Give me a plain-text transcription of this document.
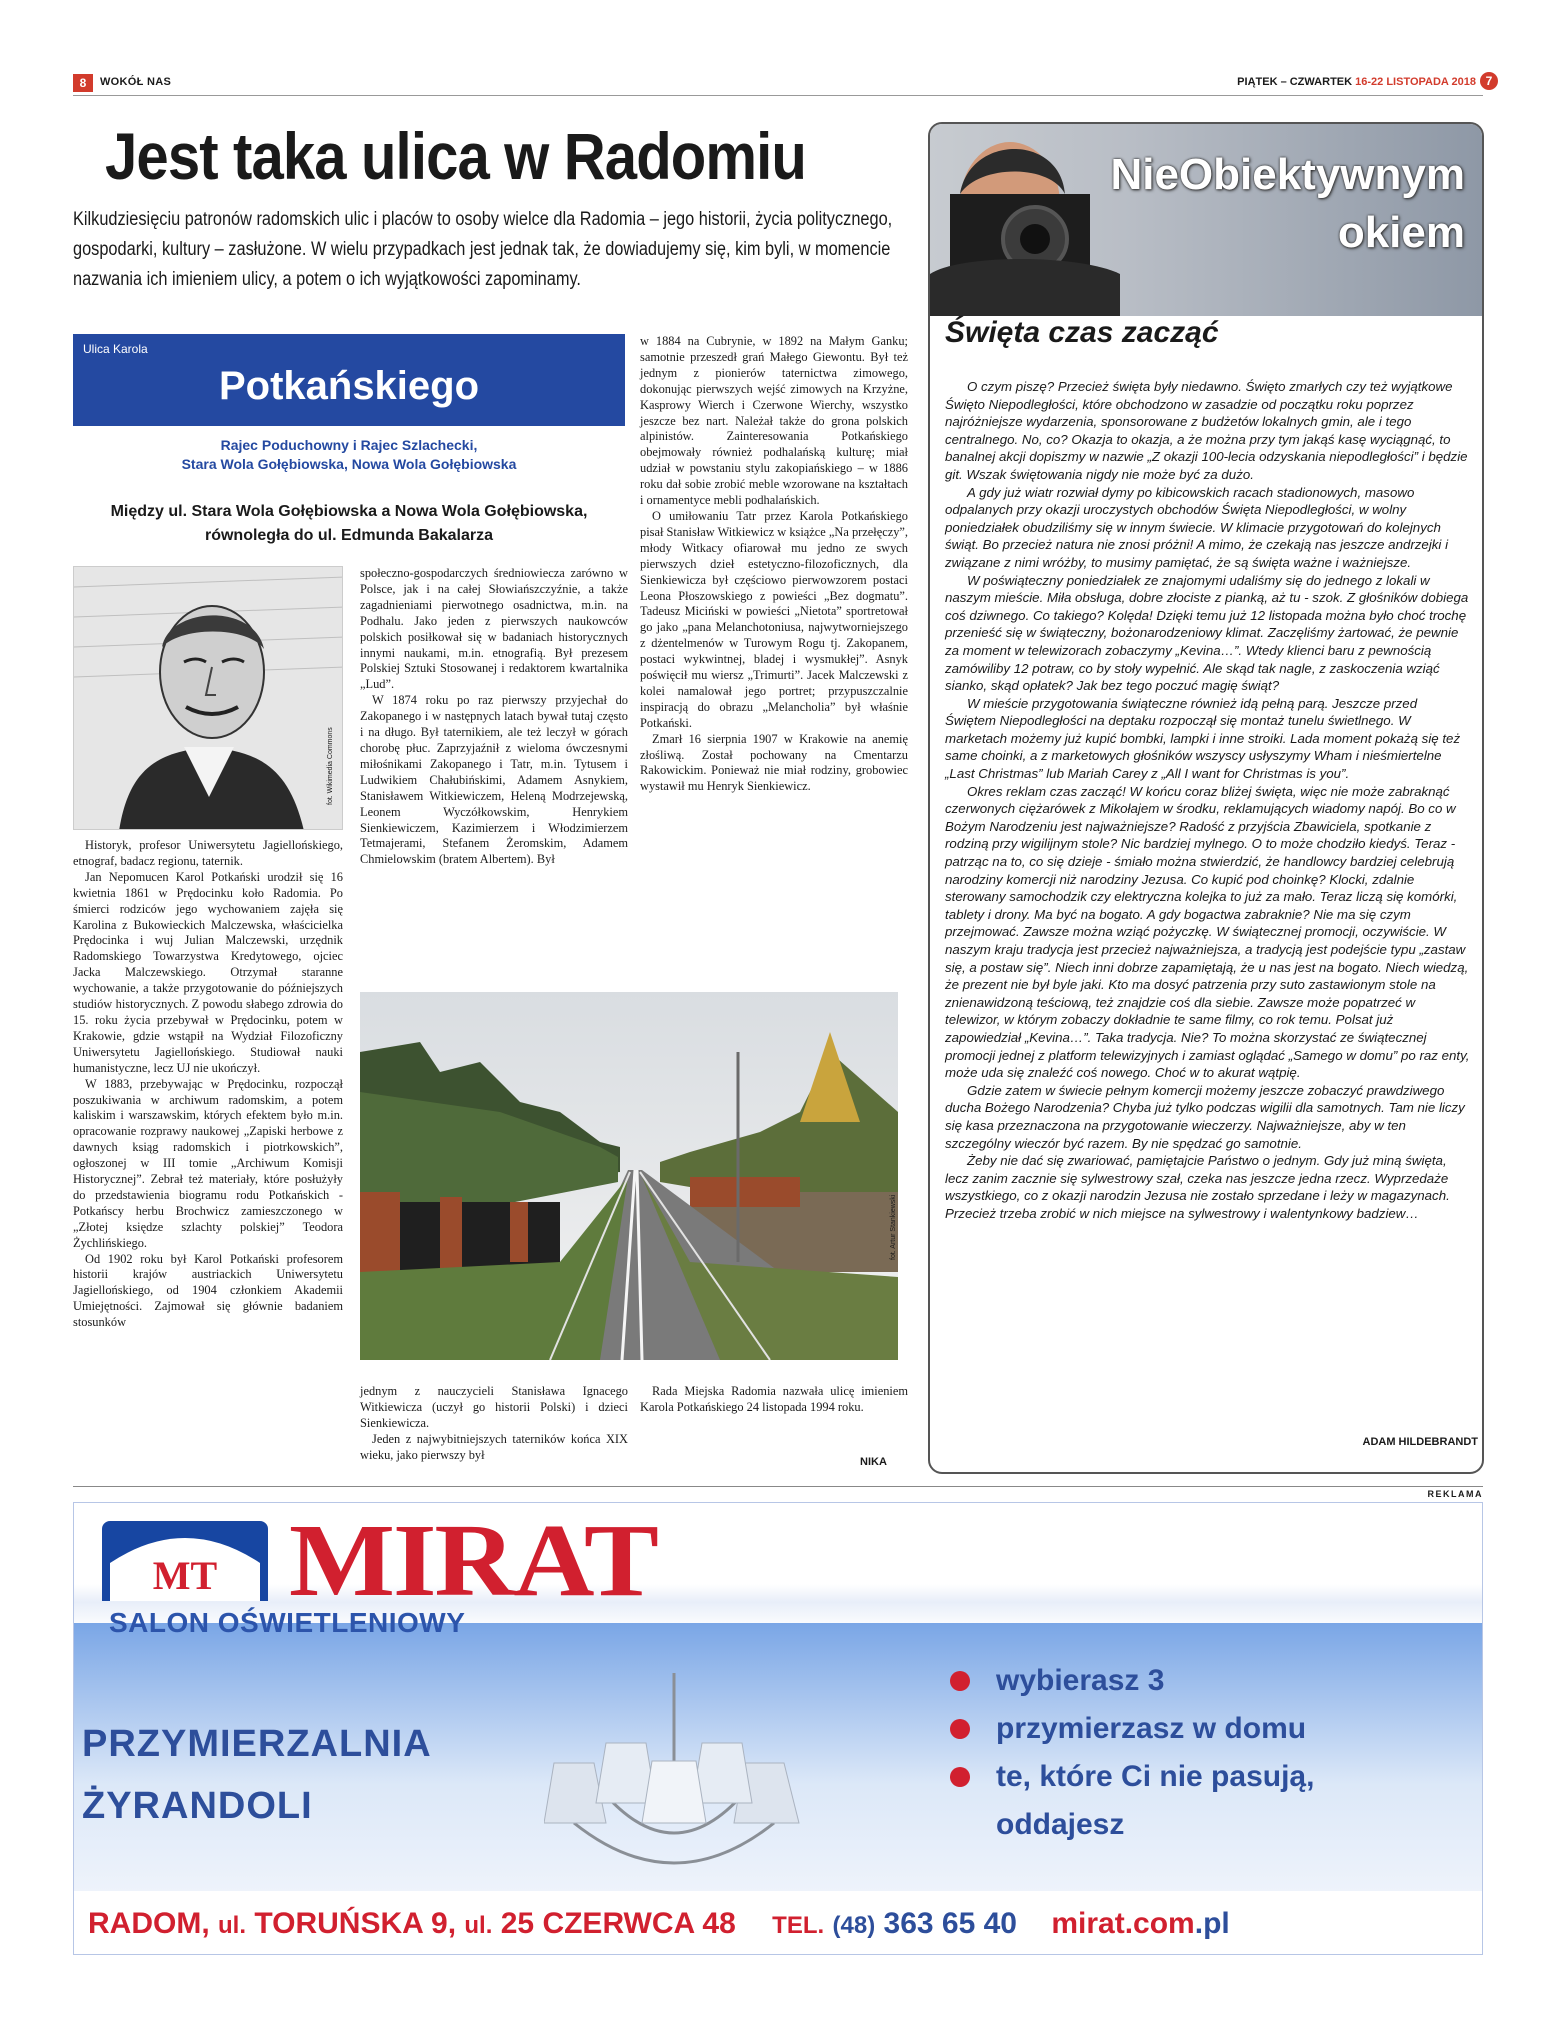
8	WOKÓŁ NAS	PIĄTEK – CZWARTEK 16-22 LISTOPADA 2018 7
Jest taka ulica w Radomiu
Kilkudziesięciu patronów radomskich ulic i placów to osoby wielce dla Radomia – jego historii, życia politycznego, gospodarki, kultury – zasłużone. W wielu przypadkach jest jednak tak, że dowiadujemy się, kim byli, w momencie nazwania ich imieniem ulicy, a potem o ich wyjątkowości zapominamy.
Ulica Karola
Potkańskiego
Rajec Poduchowny i Rajec Szlachecki,
Stara Wola Gołębiowska, Nowa Wola Gołębiowska
Między ul. Stara Wola Gołębiowska a Nowa Wola Gołębiowska,
równoległa do ul. Edmunda Bakalarza
fot. Wikimedia Commons

Historyk, profesor Uniwersytetu Jagiellońskiego, etnograf, badacz regionu, taternik.

Jan Nepomucen Karol Potkański urodził się 16 kwietnia 1861 w Prędocinku koło Radomia. Po śmierci rodziców jego wychowaniem zajęła się Karolina z Bukowieckich Malczewska, właścicielka Prędocinka i wuj Julian Malczewski, urzędnik Radomskiego Towarzystwa Kredytowego, ojciec Jacka Malczewskiego. Otrzymał staranne wychowanie, a także przygotowanie do późniejszych studiów historycznych. Z powodu słabego zdrowia do 15. roku życia przebywał w Prędocinku, potem w Krakowie, gdzie wstąpił na Wydział Filozoficzny Uniwersytetu Jagiellońskiego. Studiował nauki humanistyczne, lecz UJ nie ukończył.

W 1883, przebywając w Prędocinku, rozpoczął poszukiwania w archiwum radomskim, a potem kaliskim i warszawskim, których efektem było m.in. opracowanie rozprawy naukowej „Zapiski herbowe z dawnych ksiąg radomskich i piotrkowskich”, ogłoszonej w III tomie „Archiwum Komisji Historycznej”. Zebrał też materiały, które posłużyły do przedstawienia biogramu rodu Potkańskich - Potkańscy herbu Brochwicz zamieszczonego w „Złotej księdze szlachty polskiej” Teodora Żychlińskiego.

Od 1902 roku był Karol Potkański profesorem historii krajów austriackich Uniwersytetu Jagiellońskiego, od 1904 członkiem Akademii Umiejętności. Zajmował się głównie badaniem stosunków

społeczno-gospodarczych średniowiecza zarówno w Polsce, jak i na całej Słowiańszczyźnie, a także zagadnieniami pierwotnego osadnictwa, m.in. na Podhalu. Jako jeden z pierwszych naukowców polskich posiłkował się w badaniach historycznych innymi naukami, m.in. etnografią. Był prezesem Polskiej Sztuki Stosowanej i redaktorem kwartalnika „Lud”.

W 1874 roku po raz pierwszy przyjechał do Zakopanego i w następnych latach bywał tutaj często i na długo. Był taternikiem, ale też leczył w górach chorobę płuc. Zaprzyjaźnił z wieloma ówczesnymi miłośnikami Zakopanego i Tatr, m.in. Tytusem i Ludwikiem Chałubińskimi, Adamem Asnykiem, Stanisławem Witkiewiczem, Heleną Modrzejewską, Leonem Wyczółkowskim, Henrykiem Sienkiewiczem, Kazimierzem i Włodzimierzem Tetmajerami, Stefanem Żeromskim, Adamem Chmielowskim (bratem Albertem). Był

w 1884 na Cubrynie, w 1892 na Małym Ganku; samotnie przeszedł grań Małego Giewontu. Był też jednym z pionierów taternictwa zimowego, dokonując pierwszych wejść zimowych na Krzyżne, Kasprowy Wierch i Czerwone Wierchy, wszystko jeszcze bez nart. Należał także do grona polskich alpinistów. Zainteresowania Potkańskiego obejmowały również podhalańską kulturę; miał udział w powstaniu stylu zakopiańskiego – w 1886 roku dał sobie zrobić meble wzorowane na kształtach i ornamentyce mebli podhalańskich.

O umiłowaniu Tatr przez Karola Potkańskiego pisał Stanisław Witkiewicz w książce „Na przełęczy”, młody Witkacy ofiarował mu jedno ze swych pierwszych dzieł estetyczno-filozoficznych, dla Sienkiewicza był częściowo pierwowzorem postaci Leona Płoszowskiego z powieści „Bez dogmatu”. Tadeusz Miciński w powieści „Nietota” sportretował go jako „pana Melanchotoniusa, najwytworniejszego z dżentelmenów w Turowym Rogu tj. Zakopanem, postaci wykwintnej, bladej i wysmukłej”. Asnyk poświęcił mu wiersz „Trimurti”. Jacek Malczewski z kolei namalował jego portret; przypuszczalnie inspiracją do obrazu „Melancholia” był właśnie Potkański.

Zmarł 16 sierpnia 1907 w Krakowie na anemię złośliwą. Został pochowany na Cmentarzu Rakowickim. Ponieważ nie miał rodziny, grobowiec wystawił mu Henryk Sienkiewicz.

fot. Artur Stankiewski

jednym z nauczycieli Stanisława Ignacego Witkiewicza (uczył go historii Polski) i dzieci Sienkiewicza.

Jeden z najwybitniejszych taterników końca XIX wieku, jako pierwszy był

Rada Miejska Radomia nazwała ulicę imieniem Karola Potkańskiego 24 listopada 1994 roku.

NIKA
NieObiektywnym
okiem
Święta czas zacząć

O czym piszę? Przecież święta były niedawno. Święto zmarłych czy też wyjątkowe Święto Niepodległości, które obchodzono w zasadzie od początku roku poprzez najróżniejsze wydarzenia, sponsorowane z budżetów lokalnych gmin, ale i tego centralnego. No, co? Okazja to okazja, a że można przy tym jakąś kasę wyciągnąć, to banalnej akcji dopiszmy w nazwie „Z okazji 100-lecia odzyskania niepodległości” i będzie git. Wszak świętowania nigdy nie może być za dużo.

A gdy już wiatr rozwiał dymy po kibicowskich racach stadionowych, masowo odpalanych przy okazji uroczystych obchodów Święta Niepodległości, w wolny poniedziałek obudziliśmy się w innym świecie. W klimacie przygotowań do kolejnych świąt. Bo przecież natura nie znosi próżni! A mimo, że czekają nas jeszcze andrzejki i związane z nimi wróżby, to musimy pamiętać, że są święta ważne i ważniejsze.

W poświąteczny poniedziałek ze znajomymi udaliśmy się do jednego z lokali w naszym mieście. Miła obsługa, dobre złociste z pianką, aż tu - szok. Z głośników dobiega coś dziwnego. Co takiego? Kolęda! Dzięki temu już 12 listopada można było choć trochę przenieść się w świąteczny, bożonarodzeniowy klimat. Zaczęliśmy żartować, że pewnie za moment w telewizorach zobaczymy „Kevina…”. Wtedy klienci baru z pewnością zamówiliby 12 potraw, co by stoły wypełnić. Ale skąd tak nagle, z zaskoczenia wziąć sianko, skąd opłatek? Jak bez tego poczuć magię świąt?

W mieście przygotowania świąteczne również idą pełną parą. Jeszcze przed Świętem Niepodległości na deptaku rozpoczął się montaż tunelu świetlnego. W marketach możemy już kupić bombki, lampki i inne stroiki. Lada moment pokażą się też same choinki, a z marketowych głośników wszyscy usłyszymy Wham i nieśmiertelne „Last Christmas” lub Mariah Carey z „All I want for Christmas is you”.

Okres reklam czas zacząć! W końcu coraz bliżej święta, więc nie może zabraknąć czerwonych ciężarówek z Mikołajem w środku, reklamujących wiadomy napój. Bo co w Bożym Narodzeniu jest najważniejsze? Radość z przyjścia Zbawiciela, spotkanie z rodziną przy wigilijnym stole? Nic bardziej mylnego. O to może chodziło kiedyś. Teraz - patrząc na to, co się dzieje - śmiało można stwierdzić, że handlowcy bardziej celebrują narodziny komercji niż narodziny Jezusa. Co kupić pod choinkę? Klocki, zdalnie sterowany samochodzik czy elektryczna kolejka to już za mało. Teraz liczą się komórki, tablety i drony. Ma być na bogato. A gdy bogactwa zabraknie? Nie ma się czym przejmować. Zawsze można wziąć pożyczkę. W świątecznej promocji, oczywiście. W naszym kraju tradycja jest przecież najważniejsza, a tradycją jest podejście typu „zastaw się, a postaw się”. Niech inni dobrze zapamiętają, że u nas jest na bogato. Niech wiedzą, że prezent nie był byle jaki. Kto ma dosyć patrzenia przy suto zastawionym stole na znienawidzoną teściową, też znajdzie coś dla siebie. Zawsze może popatrzeć w telewizor, w którym zobaczy dokładnie te same filmy, co rok temu. Polsat już zapowiedział „Kevina…”. Taka tradycja. Nie? To można skorzystać ze świątecznej promocji jednej z platform telewizyjnych i zamiast oglądać „Samego w domu” po raz enty, może uda się znaleźć coś nowego. Choć w to akurat wątpię.

Gdzie zatem w świecie pełnym komercji możemy jeszcze zobaczyć prawdziwego ducha Bożego Narodzenia? Chyba już tylko podczas wigilii dla samotnych. Tam nie liczy się kasa przeznaczona na przygotowanie wieczerzy. Najważniejsze, aby w ten szczególny wieczór być razem. By nie spędzać go samotnie.

Żeby nie dać się zwariować, pamiętajcie Państwo o jednym. Gdy już miną święta, lecz zanim zacznie się sylwestrowy szał, czeka nas jeszcze jedna rzecz. Wyprzedaże wszystkiego, co z okazji narodzin Jezusa nie zostało sprzedane i leży w magazynach. Przecież trzeba zrobić w nich miejsce na sylwestrowy i walentynkowy badziew…

ADAM HILDEBRANDT
REKLAMA
MT MIRAT
SALON OŚWIETLENIOWY
PRZYMIERZALNIA
ŻYRANDOLI
wybierasz 3
przymierzasz w domu
te, które Ci nie pasują, oddajesz
RADOM, ul. TORUŃSKA 9, ul. 25 CZERWCA 48 TEL. (48) 363 65 40 mirat.com.pl
